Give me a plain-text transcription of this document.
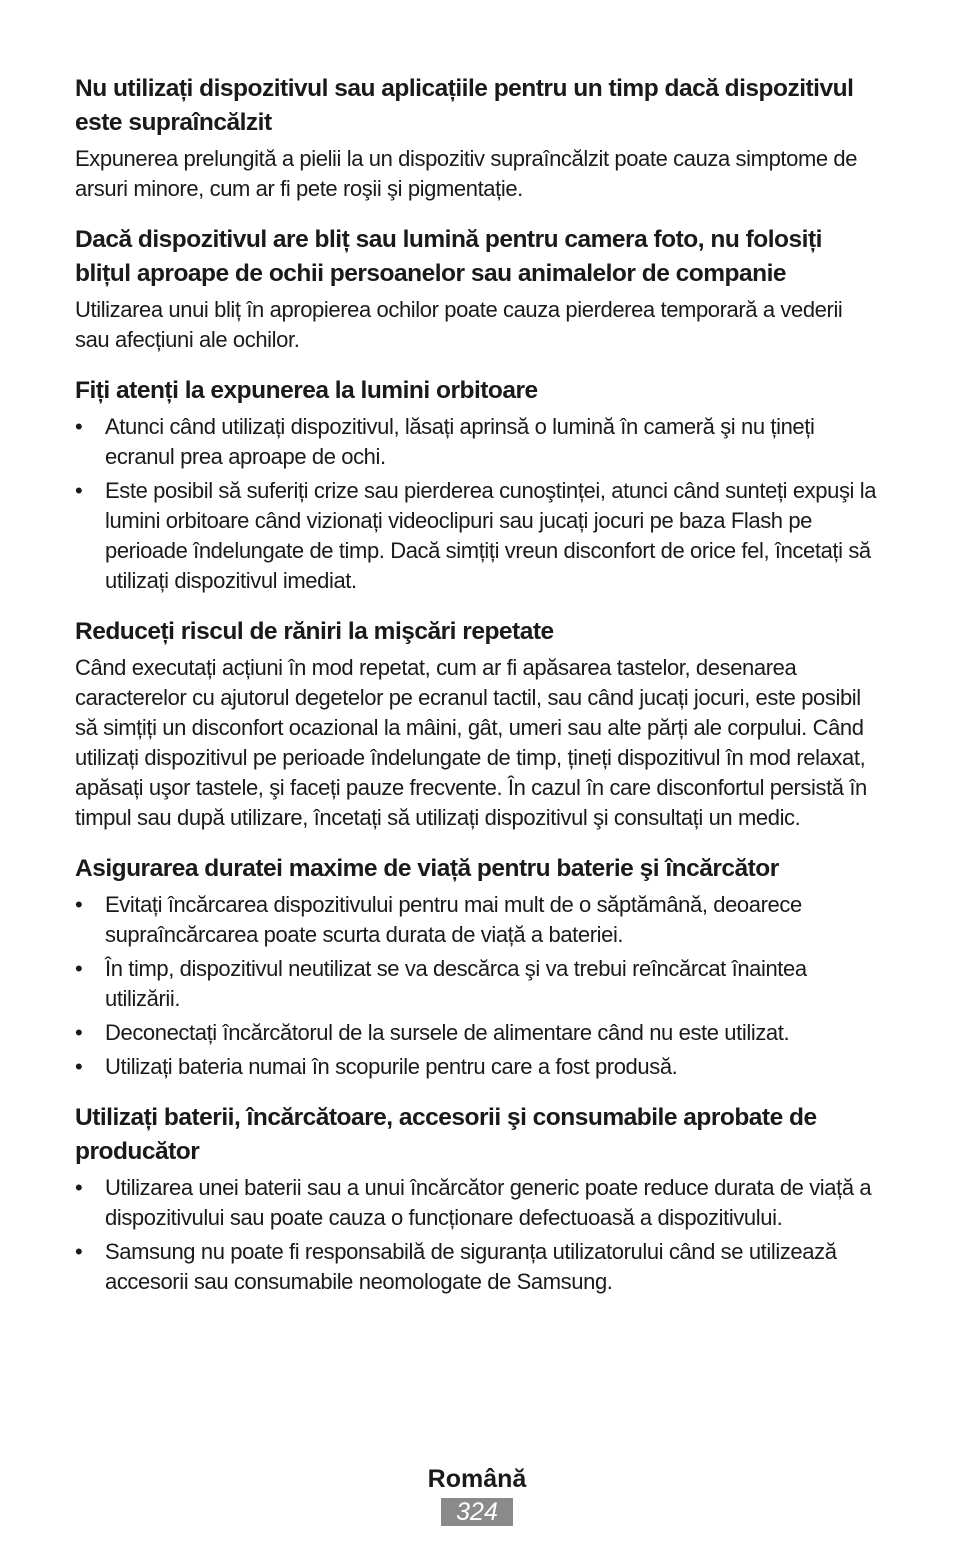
Nu utilizați dispozitivul sau aplicațiile pentru un timp dacă dispozitivul este supraîncălzit

Expunerea prelungită a pielii la un dispozitiv supraîncălzit poate cauza simptome de arsuri minore, cum ar fi pete roşii şi pigmentație.

Dacă dispozitivul are bliț sau lumină pentru camera foto, nu folosiți blițul aproape de ochii persoanelor sau animalelor de companie

Utilizarea unui bliț în apropierea ochilor poate cauza pierderea temporară a vederii sau afecțiuni ale ochilor.

Fiți atenți la expunerea la lumini orbitoare
• Atunci când utilizați dispozitivul, lăsați aprinsă o lumină în cameră şi nu țineți ecranul prea aproape de ochi.
• Este posibil să suferiți crize sau pierderea cunoştinței, atunci când sunteți expuşi la lumini orbitoare când vizionați videoclipuri sau jucați jocuri pe baza Flash pe perioade îndelungate de timp. Dacă simțiți vreun disconfort de orice fel, încetați să utilizați dispozitivul imediat.
Reduceți riscul de răniri la mişcări repetate

Când executați acțiuni în mod repetat, cum ar fi apăsarea tastelor, desenarea caracterelor cu ajutorul degetelor pe ecranul tactil, sau când jucați jocuri, este posibil să simțiți un disconfort ocazional la mâini, gât, umeri sau alte părți ale corpului. Când utilizați dispozitivul pe perioade îndelungate de timp, țineți dispozitivul în mod relaxat, apăsați uşor tastele, şi faceți pauze frecvente. În cazul în care disconfortul persistă în timpul sau după utilizare, încetați să utilizați dispozitivul şi consultați un medic.

Asigurarea duratei maxime de viață pentru baterie şi încărcător
• Evitați încărcarea dispozitivului pentru mai mult de o săptămână, deoarece supraîncărcarea poate scurta durata de viață a bateriei.
• În timp, dispozitivul neutilizat se va descărca şi va trebui reîncărcat înaintea utilizării.
• Deconectați încărcătorul de la sursele de alimentare când nu este utilizat.
• Utilizați bateria numai în scopurile pentru care a fost produsă.
Utilizați baterii, încărcătoare, accesorii şi consumabile aprobate de producător
• Utilizarea unei baterii sau a unui încărcător generic poate reduce durata de viață a dispozitivului sau poate cauza o funcționare defectuoasă a dispozitivului.
• Samsung nu poate fi responsabilă de siguranța utilizatorului când se utilizează accesorii sau consumabile neomologate de Samsung.
Română
324
